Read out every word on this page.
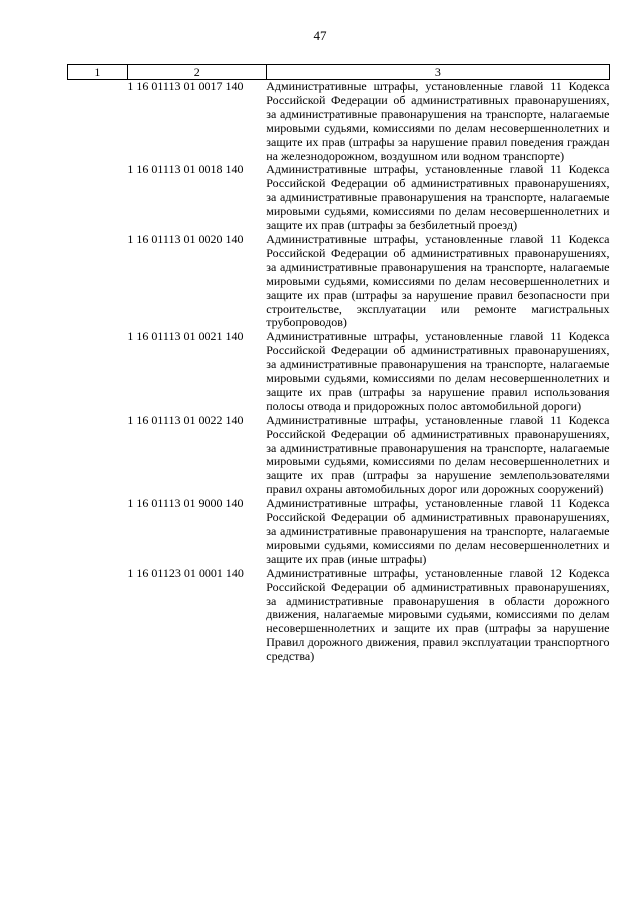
47
1	2	3
	1 16 01113 01 0017 140	Административные штрафы, установленные главой 11 Кодекса Российской Федерации об административных правонарушениях, за административные правонарушения на транспорте, налагаемые мировыми судьями, комиссиями по делам несовершеннолетних и защите их прав (штрафы за нарушение правил поведения граждан на железнодорожном, воздушном или водном транспорте)
	1 16 01113 01 0018 140	Административные штрафы, установленные главой 11 Кодекса Российской Федерации об административных правонарушениях, за административные правонарушения на транспорте, налагаемые мировыми судьями, комиссиями по делам несовершеннолетних и защите их прав (штрафы за безбилетный проезд)
	1 16 01113 01 0020 140	Административные штрафы, установленные главой 11 Кодекса Российской Федерации об административных правонарушениях, за административные правонарушения на транспорте, налагаемые мировыми судьями, комиссиями по делам несовершеннолетних и защите их прав (штрафы за нарушение правил безопасности при строительстве, эксплуатации или ремонте магистральных трубопроводов)
	1 16 01113 01 0021 140	Административные штрафы, установленные главой 11 Кодекса Российской Федерации об административных правонарушениях, за административные правонарушения на транспорте, налагаемые мировыми судьями, комиссиями по делам несовершеннолетних и защите их прав (штрафы за нарушение правил использования полосы отвода и придорожных полос автомобильной дороги)
	1 16 01113 01 0022 140	Административные штрафы, установленные главой 11 Кодекса Российской Федерации об административных правонарушениях, за административные правонарушения на транспорте, налагаемые мировыми судьями, комиссиями по делам несовершеннолетних и защите их прав (штрафы за нарушение землепользователями правил охраны автомобильных дорог или дорожных сооружений)
	1 16 01113 01 9000 140	Административные штрафы, установленные главой 11 Кодекса Российской Федерации об административных правонарушениях, за административные правонарушения на транспорте, налагаемые мировыми судьями, комиссиями по делам несовершеннолетних и защите их прав (иные штрафы)
	1 16 01123 01 0001 140	Административные штрафы, установленные главой 12 Кодекса Российской Федерации об административных правонарушениях, за административные правонарушения в области дорожного движения, налагаемые мировыми судьями, комиссиями по делам несовершеннолетних и защите их прав (штрафы за нарушение Правил дорожного движения, правил эксплуатации транспортного средства)
